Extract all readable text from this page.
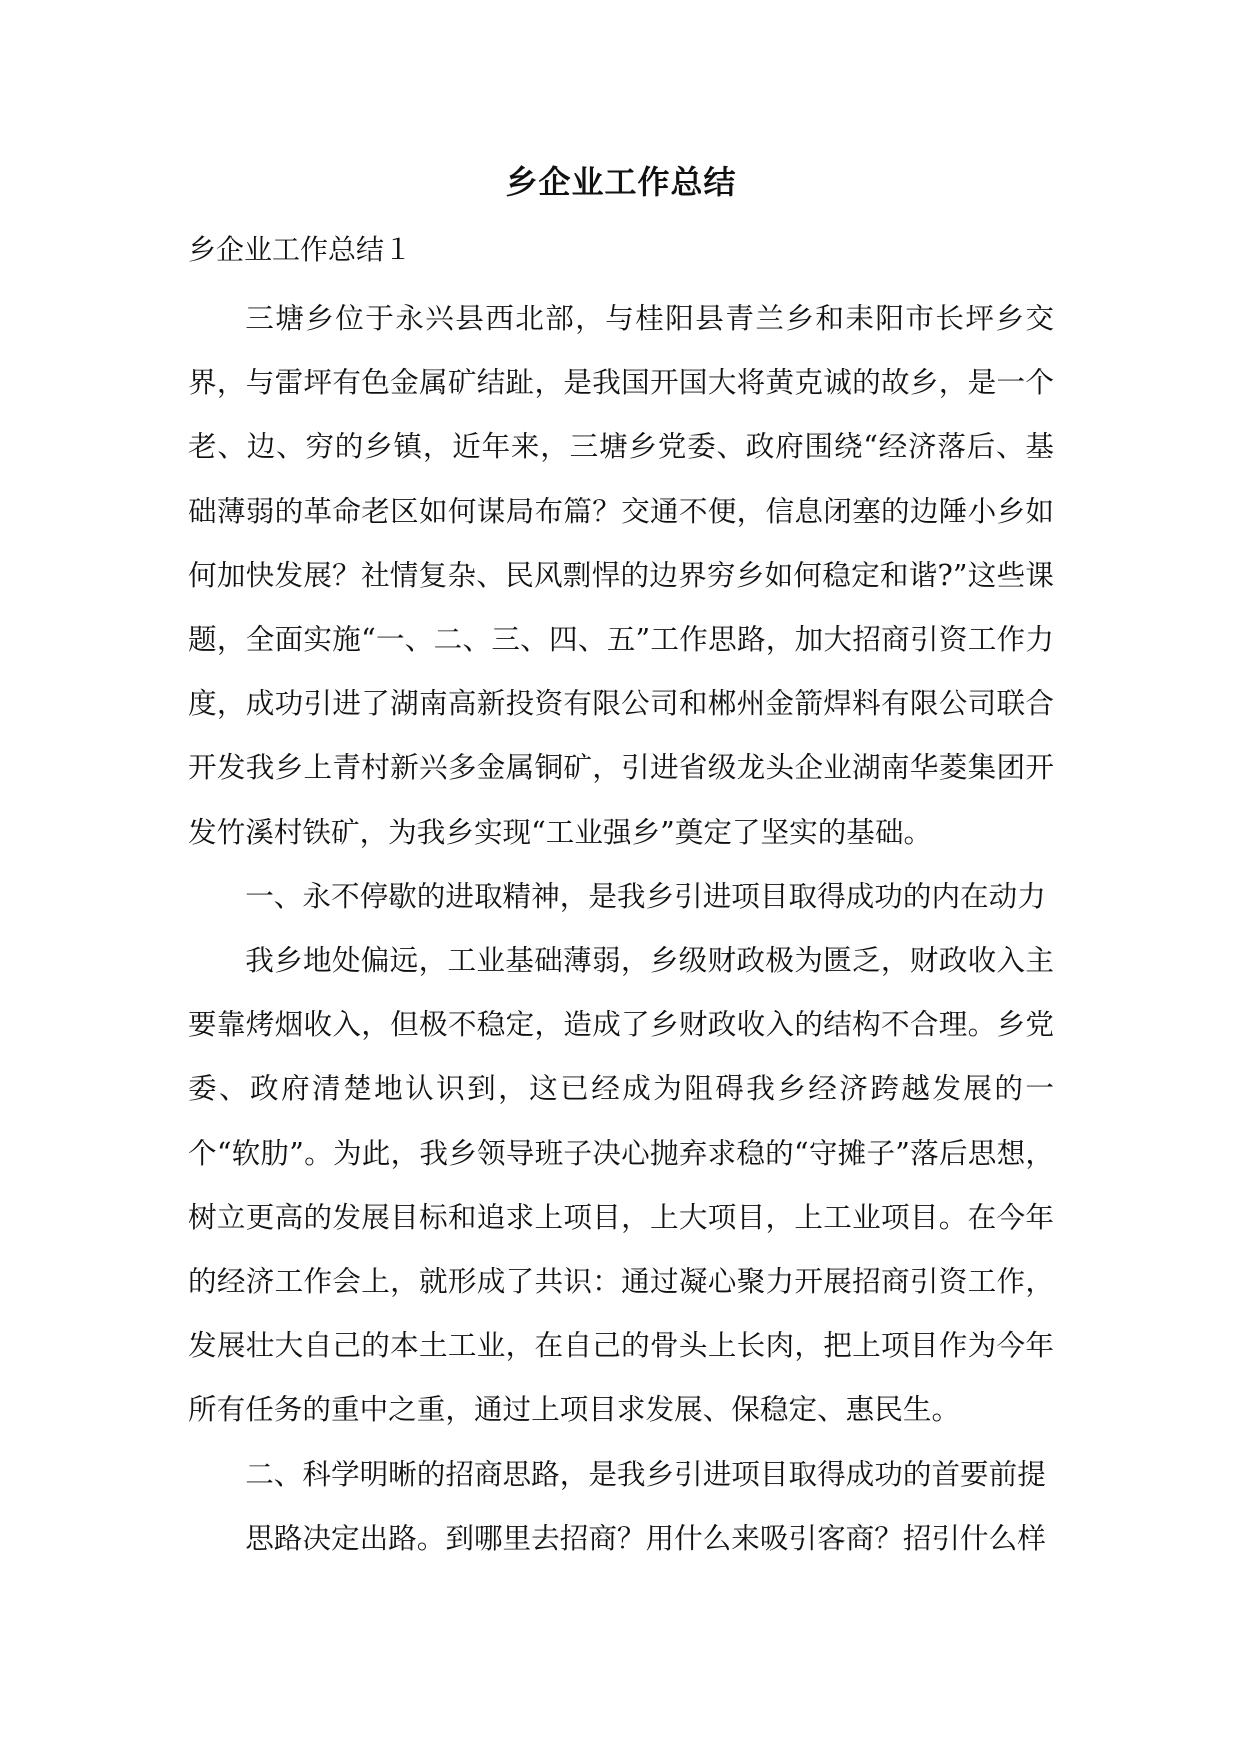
乡企业工作总结

乡企业工作总结１

三塘乡位于永兴县西北部，与桂阳县青兰乡和耒阳市长坪乡交界，与雷坪有色金属矿结趾，是我国开国大将黄克诚的故乡，是一个老、边、穷的乡镇，近年来，三塘乡党委、政府围绕“经济落后、基础薄弱的革命老区如何谋局布篇？交通不便，信息闭塞的边陲小乡如何加快发展？社情复杂、民风剽悍的边界穷乡如何稳定和谐?”这些课题，全面实施“一、二、三、四、五”工作思路，加大招商引资工作力度，成功引进了湖南高新投资有限公司和郴州金箭焊料有限公司联合开发我乡上青村新兴多金属铜矿，引进省级龙头企业湖南华菱集团开发竹溪村铁矿，为我乡实现“工业强乡”奠定了坚实的基础。

一、永不停歇的进取精神，是我乡引进项目取得成功的内在动力

我乡地处偏远，工业基础薄弱，乡级财政极为匮乏，财政收入主要靠烤烟收入，但极不稳定，造成了乡财政收入的结构不合理。乡党委、政府清楚地认识到，这已经成为阻碍我乡经济跨越发展的一个“软肋”。为此，我乡领导班子决心抛弃求稳的“守摊子”落后思想，树立更高的发展目标和追求上项目，上大项目，上工业项目。在今年的经济工作会上，就形成了共识：通过凝心聚力开展招商引资工作，发展壮大自己的本土工业，在自己的骨头上长肉，把上项目作为今年所有任务的重中之重，通过上项目求发展、保稳定、惠民生。

二、科学明晰的招商思路，是我乡引进项目取得成功的首要前提

思路决定出路。到哪里去招商？用什么来吸引客商？招引什么样
